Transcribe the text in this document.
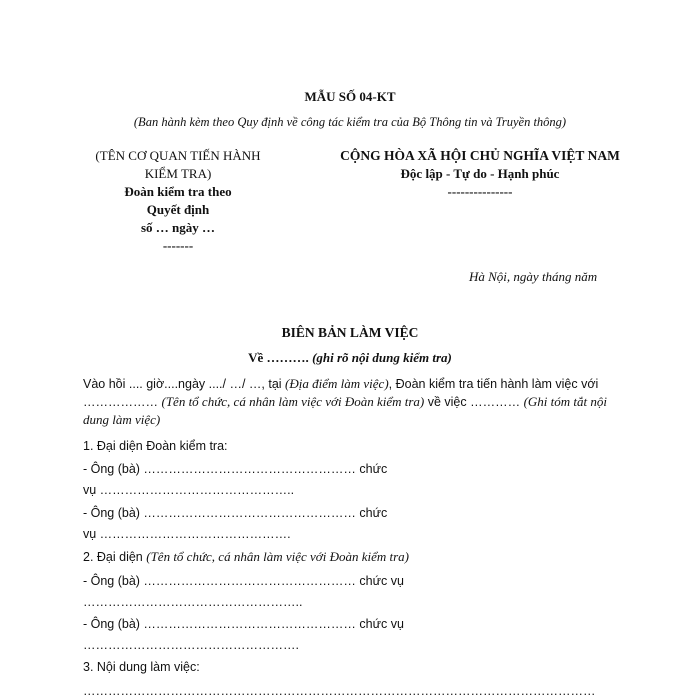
MẪU SỐ 04-KT
(Ban hành kèm theo Quy định về công tác kiểm tra của Bộ Thông tin và Truyền thông)
(TÊN CƠ QUAN TIẾN HÀNH
KIỂM TRA)
Đoàn kiểm tra theo
Quyết định
số … ngày …
-------
CỘNG HÒA XÃ HỘI CHỦ NGHĨA VIỆT NAM
Độc lập - Tự do - Hạnh phúc
---------------
Hà Nội, ngày tháng năm
BIÊN BẢN LÀM VIỆC
Về ………. (ghi rõ nội dung kiểm tra)
Vào hồi .... giờ....ngày ..../ …/ …, tại (Địa điểm làm việc), Đoàn kiểm tra tiến hành làm việc với ……………… (Tên tổ chức, cá nhân làm việc với Đoàn kiểm tra) về việc ………… (Ghi tóm tắt nội dung làm việc)
1. Đại diện Đoàn kiểm tra:
- Ông (bà) …………………………………………… chức
vụ ………………………………………..
- Ông (bà) …………………………………………… chức
vụ ……………………………………….
2. Đại diện (Tên tổ chức, cá nhân làm việc với Đoàn kiểm tra)
- Ông (bà) …………………………………………… chức vụ
……………………………………………..
- Ông (bà) …………………………………………… chức vụ
…………………………………………….
3. Nội dung làm việc:
……………………………………………………………………………………………………………
